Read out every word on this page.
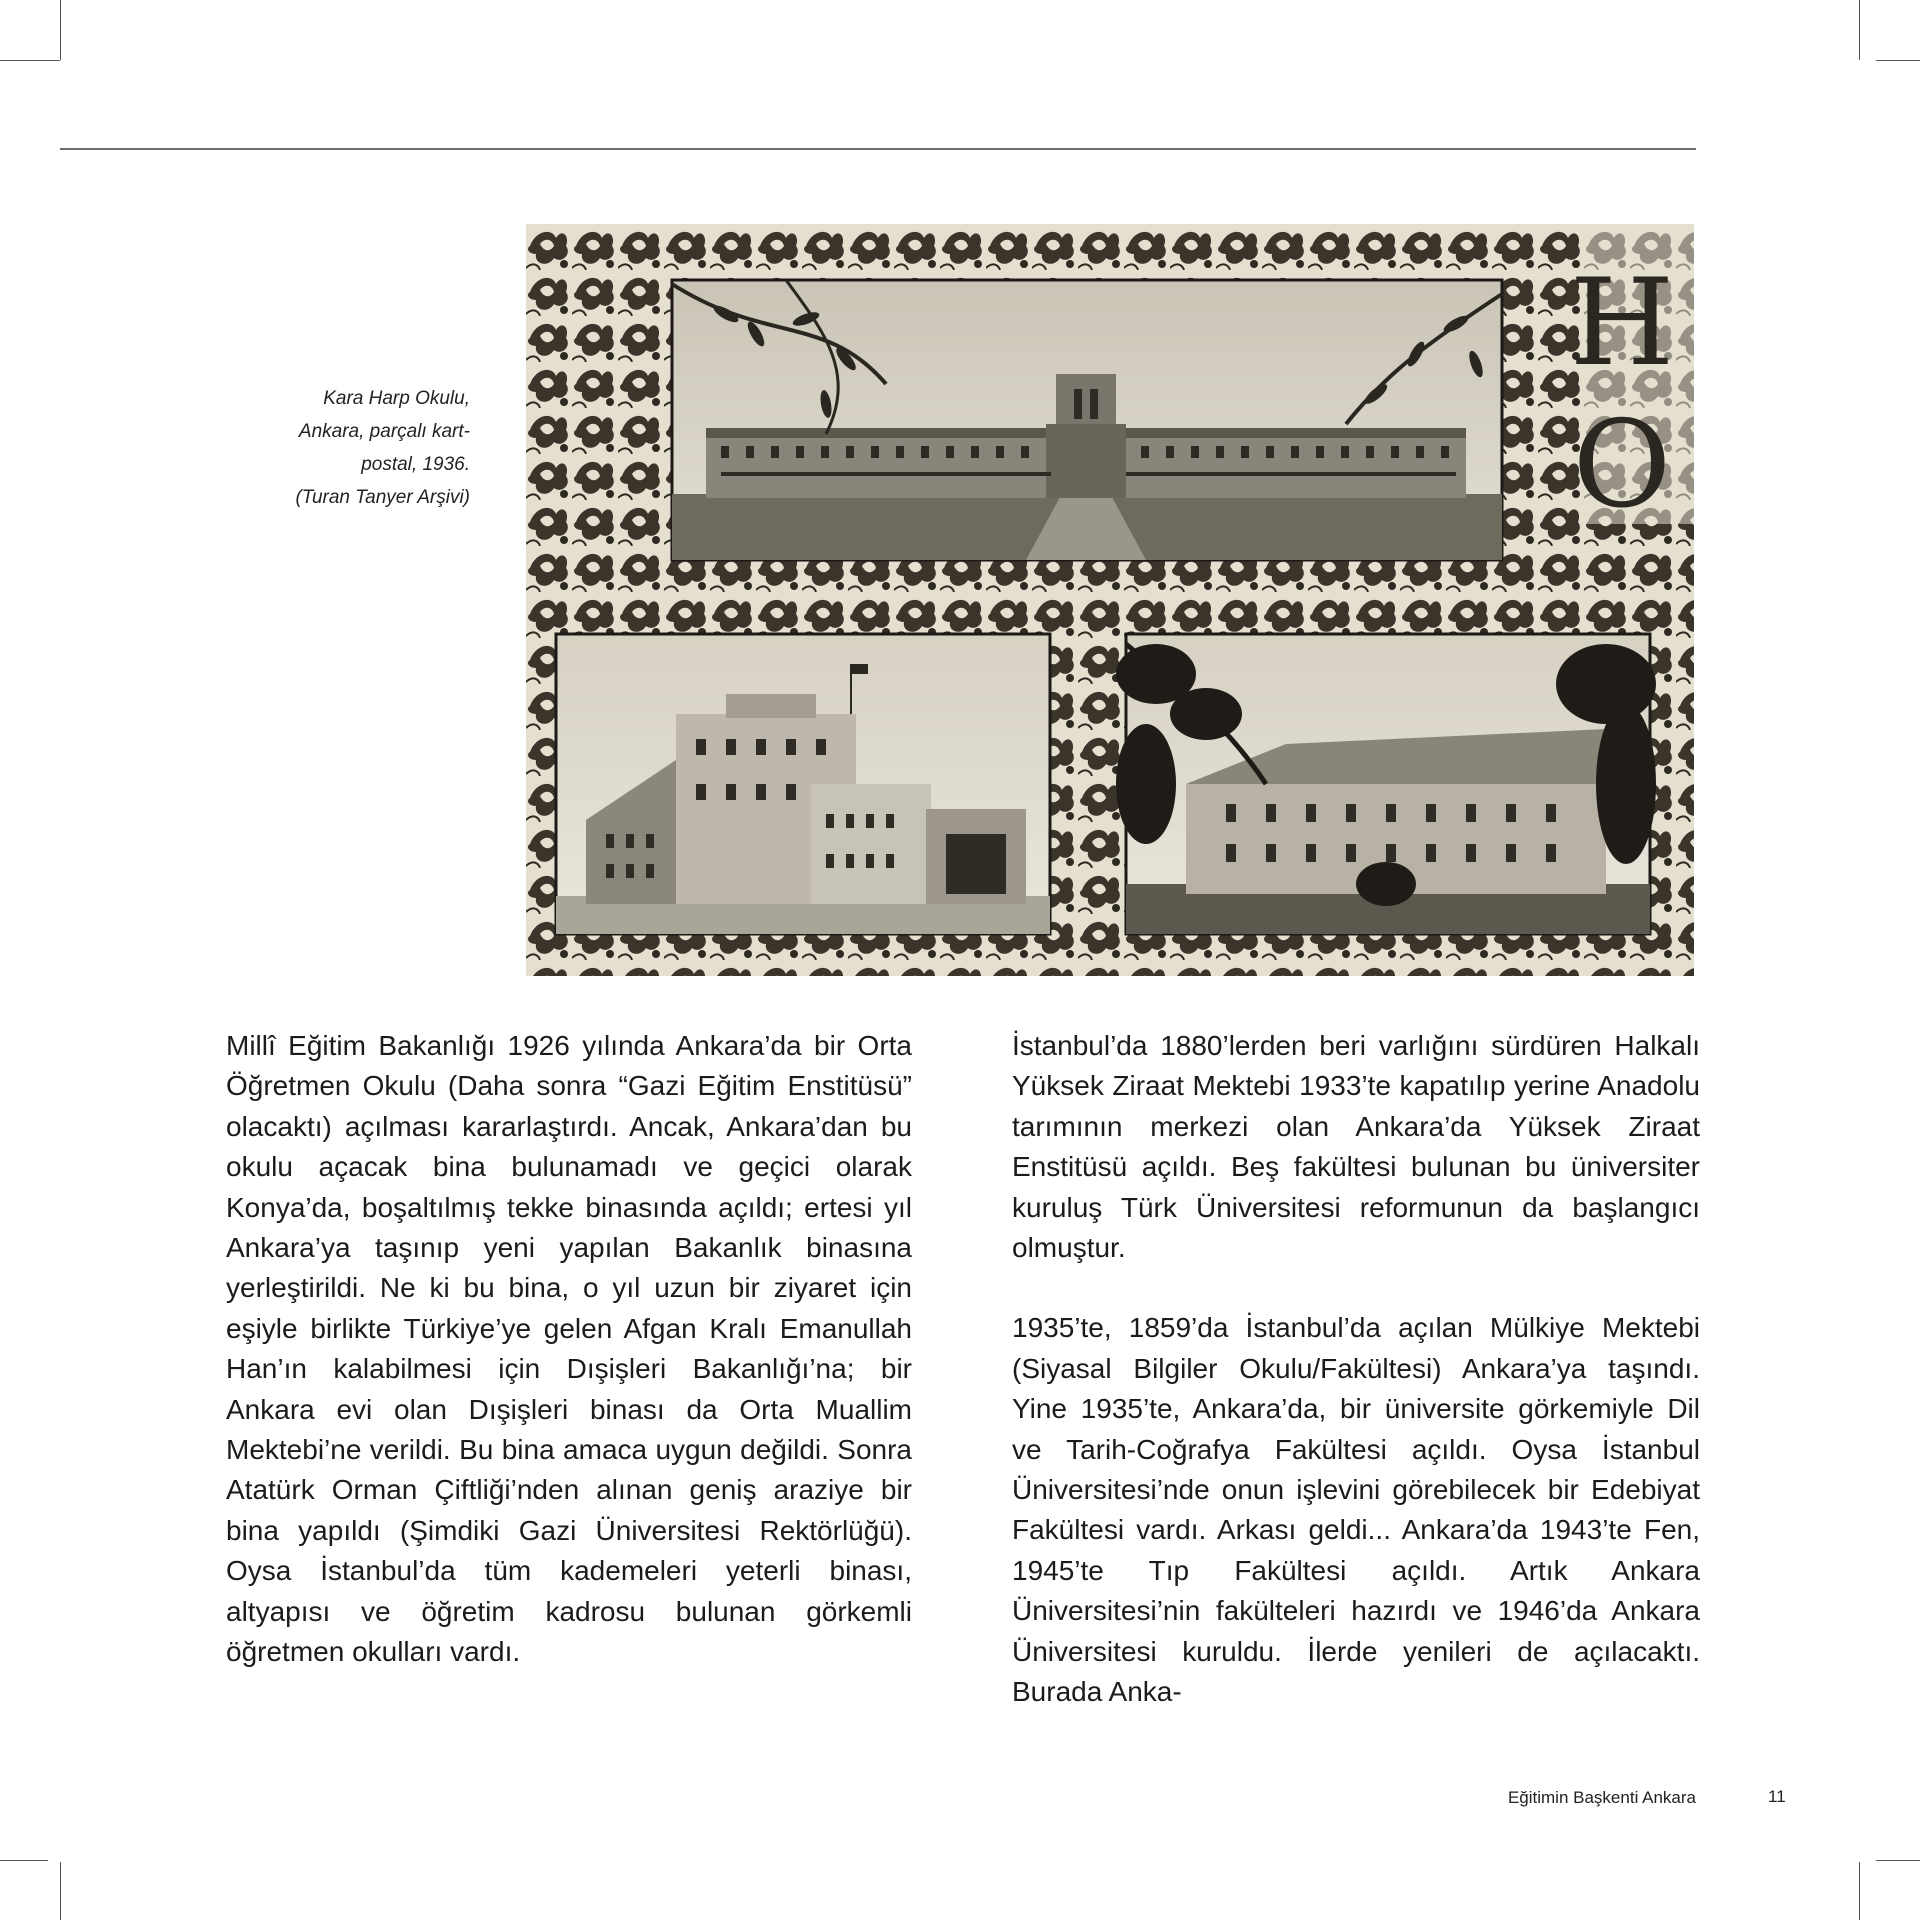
Kara Harp Okulu,
Ankara, parçalı kart-
postal, 1936.
(Turan Tanyer Arşivi)
H
O

Millî Eğitim Bakanlığı 1926 yılında Ankara’da bir Orta Öğretmen Okulu (Daha sonra “Gazi Eğitim Enstitüsü” olacaktı) açılması kararlaştırdı. Ancak, Ankara’dan bu okulu açacak bina bulunamadı ve geçici olarak Konya’da, boşaltılmış tekke binasında açıldı; ertesi yıl Ankara’ya taşınıp yeni yapılan Bakanlık binasına yerleştirildi. Ne ki bu bina, o yıl uzun bir ziyaret için eşiyle birlikte Türkiye’ye gelen Afgan Kralı Emanullah Han’ın kalabilmesi için Dışişleri Bakanlığı’na; bir Ankara evi olan Dışişleri binası da Orta Muallim Mektebi’ne verildi. Bu bina amaca uygun değildi. Sonra Atatürk Orman Çiftliği’nden alınan geniş araziye bir bina yapıldı (Şimdiki Gazi Üniversitesi Rektörlüğü). Oysa İstanbul’da tüm kademeleri yeterli binası, altyapısı ve öğretim kadrosu bulunan görkemli öğretmen okulları vardı.

İstanbul’da 1880’lerden beri varlığını sürdüren Halkalı Yüksek Ziraat Mektebi 1933’te kapatılıp yerine Anadolu tarımının merkezi olan Ankara’da Yüksek Ziraat Enstitüsü açıldı. Beş fakültesi bulunan bu üniversiter kuruluş Türk Üniversitesi reformunun da başlangıcı olmuştur.

1935’te, 1859’da İstanbul’da açılan Mülkiye Mektebi (Siyasal Bilgiler Okulu/Fakültesi) Ankara’ya taşındı. Yine 1935’te, Ankara’da, bir üniversite görkemiyle Dil ve Tarih-Coğrafya Fakültesi açıldı. Oysa İstanbul Üniversitesi’nde onun işlevini görebilecek bir Edebiyat Fakültesi vardı. Arkası geldi... Ankara’da 1943’te Fen, 1945’te Tıp Fakültesi açıldı. Artık Ankara Üniversitesi’nin fakülteleri hazırdı ve 1946’da Ankara Üniversitesi kuruldu. İlerde yenileri de açılacaktı. Burada Anka-

Eğitimin Başkenti Ankara	11
